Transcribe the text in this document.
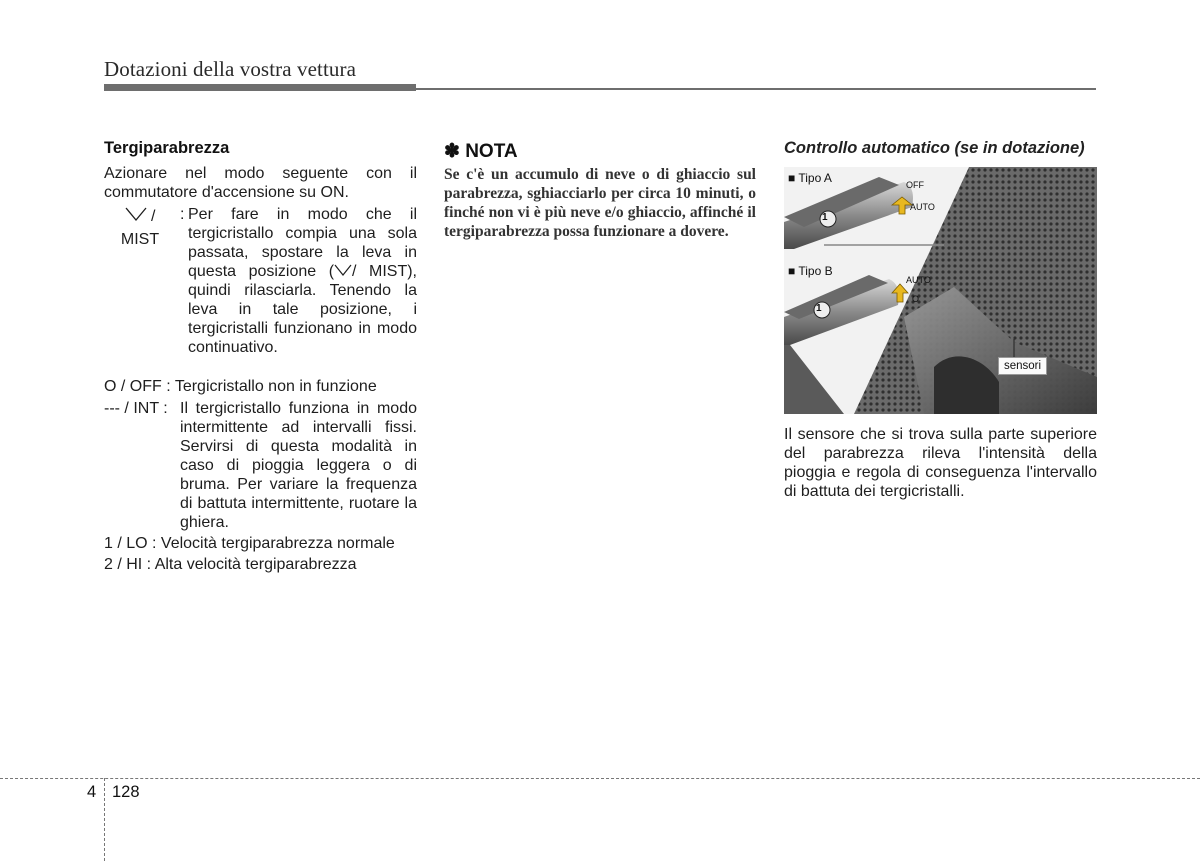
Dotazioni della vostra vettura
Tergiparabrezza
Azionare nel modo seguente con il commutatore d'accensione su ON.
/
MIST
: Per fare in modo che il tergicristallo compia una sola passata, spostare la leva in questa posizione ( / MIST), quindi rilasciarla. Tenendo la leva in tale posizione, i tergicristalli funzionano in modo continuativo.
O / OFF : Tergicristallo non in funzione
--- / INT : Il tergicristallo funziona in modo intermittente ad intervalli fissi. Servirsi di questa modalità in caso di pioggia leggera o di bruma. Per variare la frequenza di battuta intermittente, ruotare la ghiera.
1 / LO : Velocità tergiparabrezza normale
2 / HI : Alta velocità tergiparabrezza
✽ NOTA
Se c'è un accumulo di neve o di ghiaccio sul parabrezza, sghiacciarlo per circa 10 minuti, o finché non vi è più neve e/o ghiaccio, affinché il tergiparabrezza possa funzionare a dovere.
Controllo automatico (se in dotazione)
■ Tipo A
■ Tipo B
OFF
AUTO
AUTO
O
1
1
sensori
Il sensore che si trova sulla parte superiore del parabrezza rileva l'intensità della pioggia e regola di conseguenza l'intervallo di battuta dei tergicristalli.
4 128
